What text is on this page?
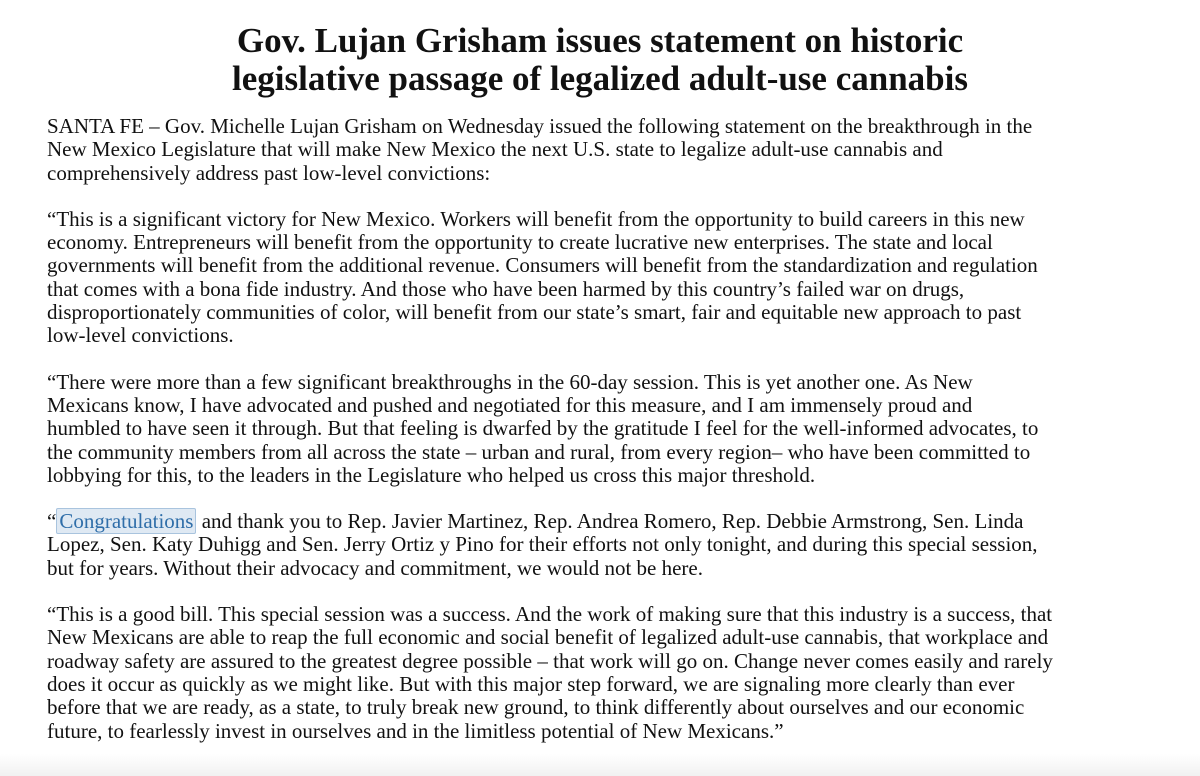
Gov. Lujan Grisham issues statement on historic
legislative passage of legalized adult-use cannabis

SANTA FE – Gov. Michelle Lujan Grisham on Wednesday issued the following statement on the breakthrough in the
New Mexico Legislature that will make New Mexico the next U.S. state to legalize adult-use cannabis and
comprehensively address past low-level convictions:

“This is a significant victory for New Mexico. Workers will benefit from the opportunity to build careers in this new
economy. Entrepreneurs will benefit from the opportunity to create lucrative new enterprises. The state and local
governments will benefit from the additional revenue. Consumers will benefit from the standardization and regulation
that comes with a bona fide industry. And those who have been harmed by this country’s failed war on drugs,
disproportionately communities of color, will benefit from our state’s smart, fair and equitable new approach to past
low-level convictions.

“There were more than a few significant breakthroughs in the 60-day session. This is yet another one. As New
Mexicans know, I have advocated and pushed and negotiated for this measure, and I am immensely proud and
humbled to have seen it through. But that feeling is dwarfed by the gratitude I feel for the well-informed advocates, to
the community members from all across the state – urban and rural, from every region– who have been committed to
lobbying for this, to the leaders in the Legislature who helped us cross this major threshold.

“ Congratulations and thank you to Rep. Javier Martinez, Rep. Andrea Romero, Rep. Debbie Armstrong, Sen. Linda
Lopez, Sen. Katy Duhigg and Sen. Jerry Ortiz y Pino for their efforts not only tonight, and during this special session,
but for years. Without their advocacy and commitment, we would not be here.

“This is a good bill. This special session was a success. And the work of making sure that this industry is a success, that
New Mexicans are able to reap the full economic and social benefit of legalized adult-use cannabis, that workplace and
roadway safety are assured to the greatest degree possible – that work will go on. Change never comes easily and rarely
does it occur as quickly as we might like. But with this major step forward, we are signaling more clearly than ever
before that we are ready, as a state, to truly break new ground, to think differently about ourselves and our economic
future, to fearlessly invest in ourselves and in the limitless potential of New Mexicans.”
